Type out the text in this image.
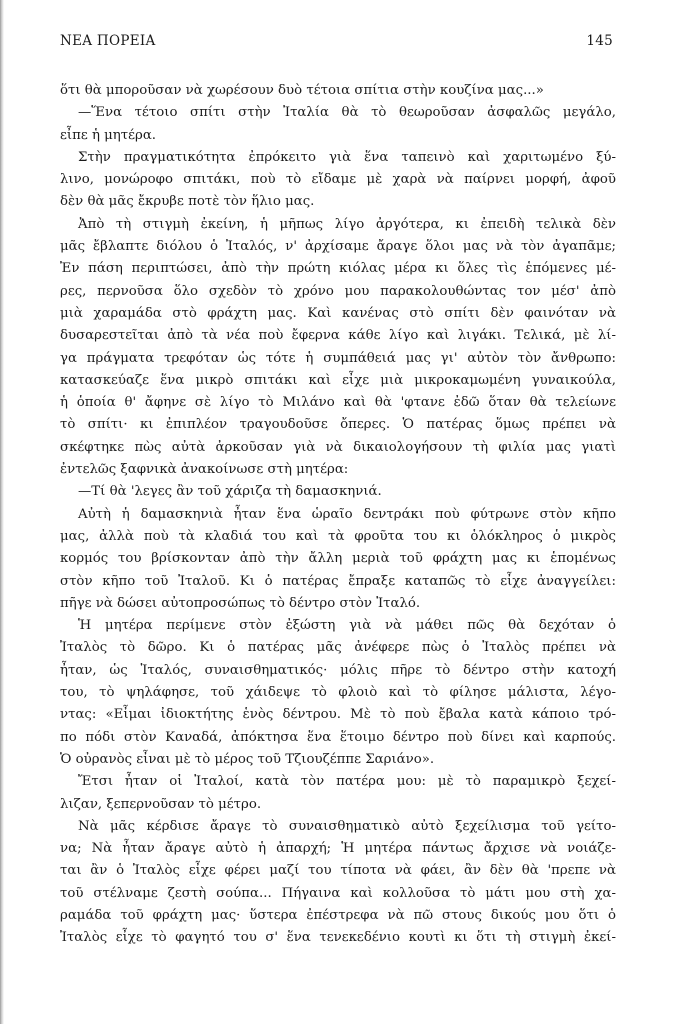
ΝΕΑ ΠΟΡΕΙΑ	145
ὅτι θὰ μποροῦσαν νὰ χωρέσουν δυὸ τέτοια σπίτια στὴν κουζίνα μας...»
—Ἕνα τέτοιο σπίτι στὴν Ἰταλία θὰ τὸ θεωροῦσαν ἀσφαλῶς μεγάλο,
εἶπε ἡ μητέρα.
Στὴν πραγματικότητα ἐπρόκειτο γιὰ ἕνα ταπεινὸ καὶ χαριτωμένο ξύ-
λινο, μονώροφο σπιτάκι, ποὺ τὸ εἴδαμε μὲ χαρὰ νὰ παίρνει μορφή, ἀφοῦ
δὲν θὰ μᾶς ἔκρυβε ποτὲ τὸν ἥλιο μας.
Ἀπὸ τὴ στιγμὴ ἐκείνη, ἡ μῆπως λίγο ἀργότερα, κι ἐπειδὴ τελικὰ δὲν
μᾶς ἔβλαπτε διόλου ὁ Ἰταλός, ν' ἀρχίσαμε ἄραγε ὅλοι μας νὰ τὸν ἀγαπᾶμε;
Ἐν πάση περιπτώσει, ἀπὸ τὴν πρώτη κιόλας μέρα κι ὅλες τὶς ἑπόμενες μέ-
ρες, περνοῦσα ὅλο σχεδὸν τὸ χρόνο μου παρακολουθώντας τον μέσ' ἀπὸ
μιὰ χαραμάδα στὸ φράχτη μας. Καὶ κανένας στὸ σπίτι δὲν φαινόταν νὰ
δυσαρεστεῖται ἀπὸ τὰ νέα ποὺ ἔφερνα κάθε λίγο καὶ λιγάκι. Τελικά, μὲ λί-
γα πράγματα τρεφόταν ὡς τότε ἡ συμπάθειά μας γι' αὐτὸν τὸν ἄνθρωπο:
κατασκεύαζε ἕνα μικρὸ σπιτάκι καὶ εἶχε μιὰ μικροκαμωμένη γυναικούλα,
ἡ ὁποία θ' ἄφηνε σὲ λίγο τὸ Μιλάνο καὶ θὰ 'φτανε ἐδῶ ὅταν θὰ τελείωνε
τὸ σπίτι· κι ἐπιπλέον τραγουδοῦσε ὄπερες. Ὁ πατέρας ὅμως πρέπει νὰ
σκέφτηκε πὼς αὐτὰ ἀρκοῦσαν γιὰ νὰ δικαιολογήσουν τὴ φιλία μας γιατὶ
ἐντελῶς ξαφνικὰ ἀνακοίνωσε στὴ μητέρα:
—Τί θὰ 'λεγες ἂν τοῦ χάριζα τὴ δαμασκηνιά.
Αὐτὴ ἡ δαμασκηνιὰ ἦταν ἕνα ὡραῖο δεντράκι ποὺ φύτρωνε στὸν κῆπο
μας, ἀλλὰ ποὺ τὰ κλαδιά του καὶ τὰ φροῦτα του κι ὁλόκληρος ὁ μικρὸς
κορμός του βρίσκονταν ἀπὸ τὴν ἄλλη μεριὰ τοῦ φράχτη μας κι ἑπομένως
στὸν κῆπο τοῦ Ἰταλοῦ. Κι ὁ πατέρας ἔπραξε καταπῶς τὸ εἶχε ἀναγγείλει:
πῆγε νὰ δώσει αὐτοπροσώπως τὸ δέντρο στὸν Ἰταλό.
Ἡ μητέρα περίμενε στὸν ἐξώστη γιὰ νὰ μάθει πῶς θὰ δεχόταν ὁ
Ἰταλὸς τὸ δῶρο. Κι ὁ πατέρας μᾶς ἀνέφερε πὼς ὁ Ἰταλὸς πρέπει νὰ
ἦταν, ὡς Ἰταλός, συναισθηματικός· μόλις πῆρε τὸ δέντρο στὴν κατοχή
του, τὸ ψηλάφησε, τοῦ χάιδεψε τὸ φλοιὸ καὶ τὸ φίλησε μάλιστα, λέγο-
ντας: «Εἶμαι ἰδιοκτήτης ἑνὸς δέντρου. Μὲ τὸ ποὺ ἔβαλα κατὰ κάποιο τρό-
πο πόδι στὸν Καναδά, ἀπόκτησα ἕνα ἕτοιμο δέντρο ποὺ δίνει καὶ καρπούς.
Ὁ οὐρανὸς εἶναι μὲ τὸ μέρος τοῦ Τζιουζέππε Σαριάνο».
Ἔτσι ἦταν οἱ Ἰταλοί, κατὰ τὸν πατέρα μου: μὲ τὸ παραμικρὸ ξεχεί-
λιζαν, ξεπερνοῦσαν τὸ μέτρο.
Νὰ μᾶς κέρδισε ἄραγε τὸ συναισθηματικὸ αὐτὸ ξεχείλισμα τοῦ γείτο-
να; Νὰ ἦταν ἄραγε αὐτὸ ἡ ἀπαρχή; Ἡ μητέρα πάντως ἄρχισε νὰ νοιάζε-
ται ἂν ὁ Ἰταλὸς εἶχε φέρει μαζί του τίποτα νὰ φάει, ἂν δὲν θὰ 'πρεπε νὰ
τοῦ στέλναμε ζεστὴ σούπα... Πήγαινα καὶ κολλοῦσα τὸ μάτι μου στὴ χα-
ραμάδα τοῦ φράχτη μας· ὕστερα ἐπέστρεφα νὰ πῶ στους δικούς μου ὅτι ὁ
Ἰταλὸς εἶχε τὸ φαγητό του σ' ἕνα τενεκεδένιο κουτὶ κι ὅτι τὴ στιγμὴ ἐκεί-
